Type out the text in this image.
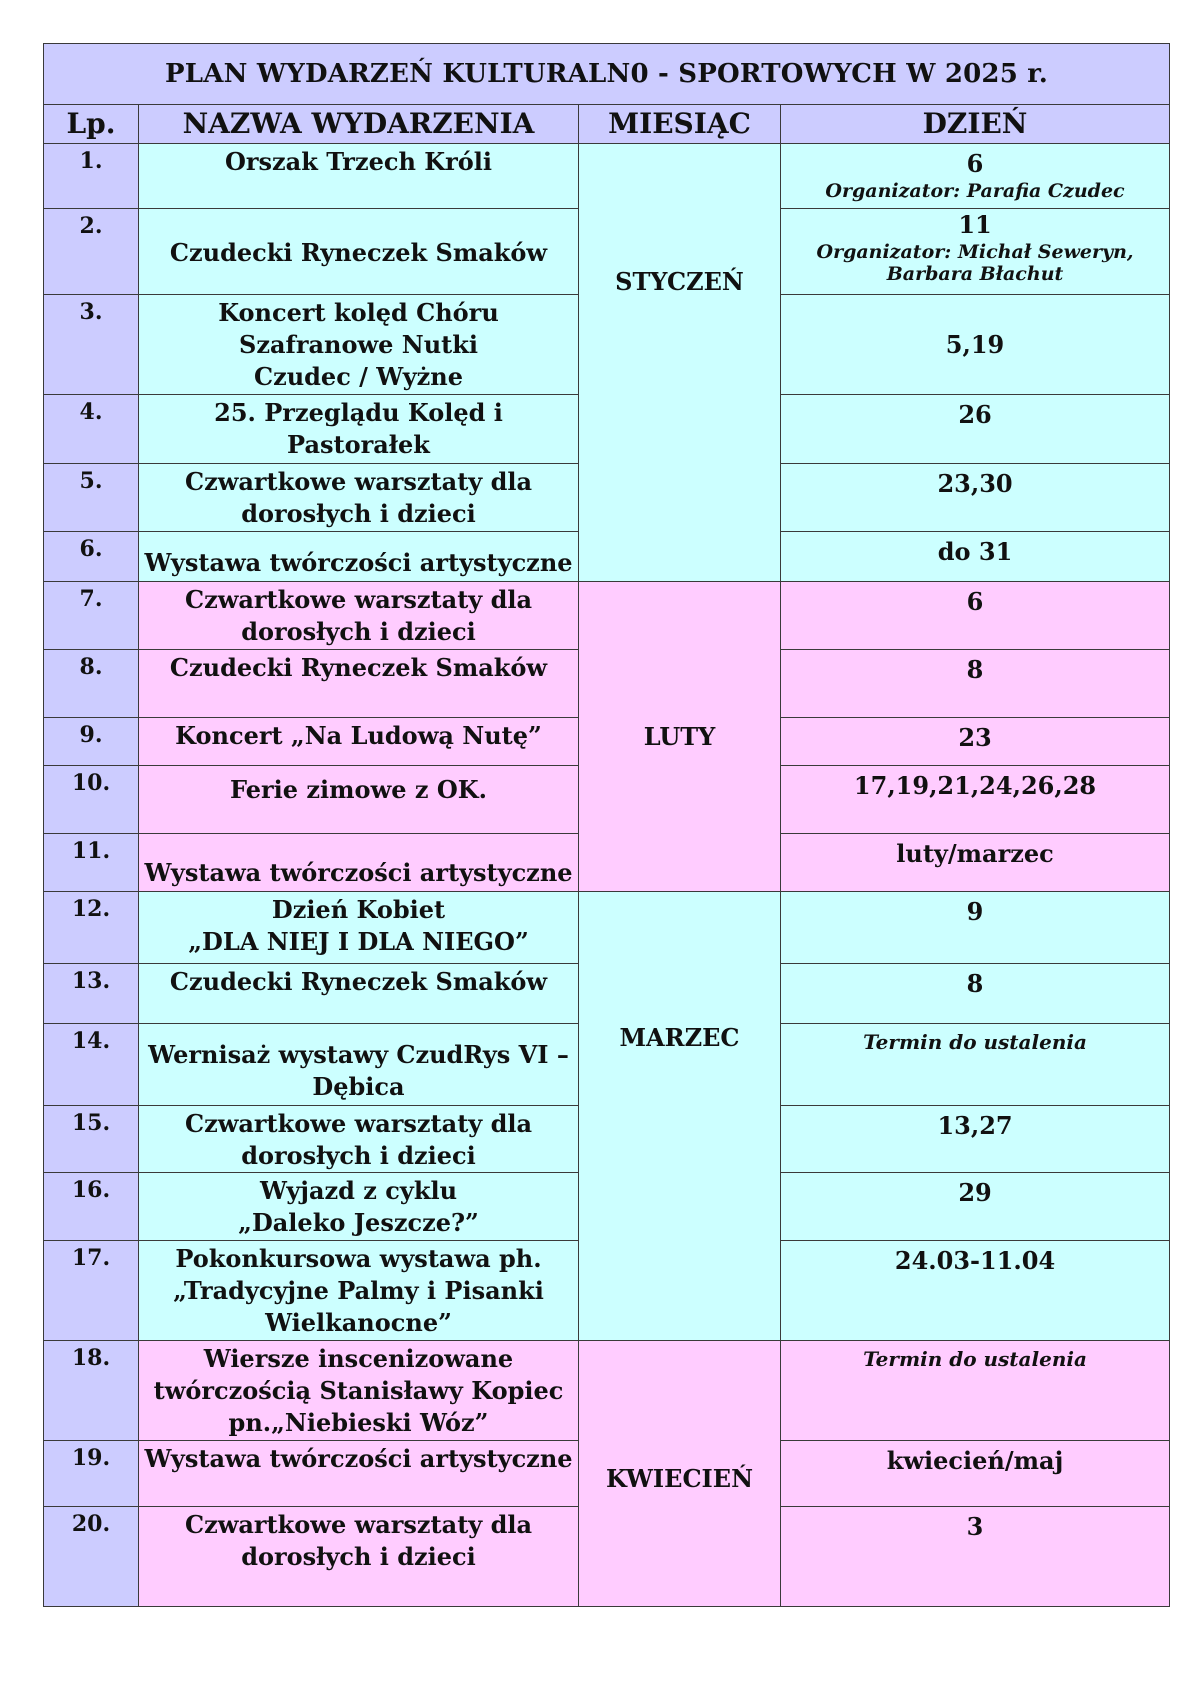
PLAN WYDARZEŃ KULTURALN0 - SPORTOWYCH W 2025 r.			
Lp.	NAZWA WYDARZENIA	MIESIĄC	DZIEŃ
1.	Orszak Trzech Króli	STYCZEŃ	6
Organizator: Parafia Czudec

2.	Czudecki Ryneczek Smaków		11
Organizator: Michał Seweryn,
Barbara Błachut

3.	Koncert kolęd Chóru
Szafranowe Nutki
Czudec / Wyżne		5,19
4.	25. Przeglądu Kolęd i Pastorałek		26
5.	Czwartkowe warsztaty dla
dorosłych i dzieci		23,30
6.	Wystawa twórczości artystyczne		do 31
7.	Czwartkowe warsztaty dla
dorosłych i dzieci	LUTY	6
8.	Czudecki Ryneczek Smaków		8
9.	Koncert „Na Ludową Nutę”		23
10.	Ferie zimowe z OK.		17,19,21,24,26,28
11.	Wystawa twórczości artystyczne		luty/marzec
12.	Dzień Kobiet
„DLA NIEJ I DLA NIEGO”	MARZEC	9
13.	Czudecki Ryneczek Smaków		8
14.	Wernisaż wystawy CzudRys VI –
Dębica		Termin do ustalenia
15.	Czwartkowe warsztaty dla
dorosłych i dzieci		13,27
16.	Wyjazd z cyklu
„Daleko Jeszcze?”		29
17.	Pokonkursowa wystawa ph.
„Tradycyjne Palmy i Pisanki
Wielkanocne”		24.03-11.04
18.	Wiersze inscenizowane
twórczością Stanisławy Kopiec
pn.„Niebieski Wóz”	KWIECIEŃ	Termin do ustalenia
19.	Wystawa twórczości artystyczne		kwiecień/maj
20.	Czwartkowe warsztaty dla
dorosłych i dzieci		3
